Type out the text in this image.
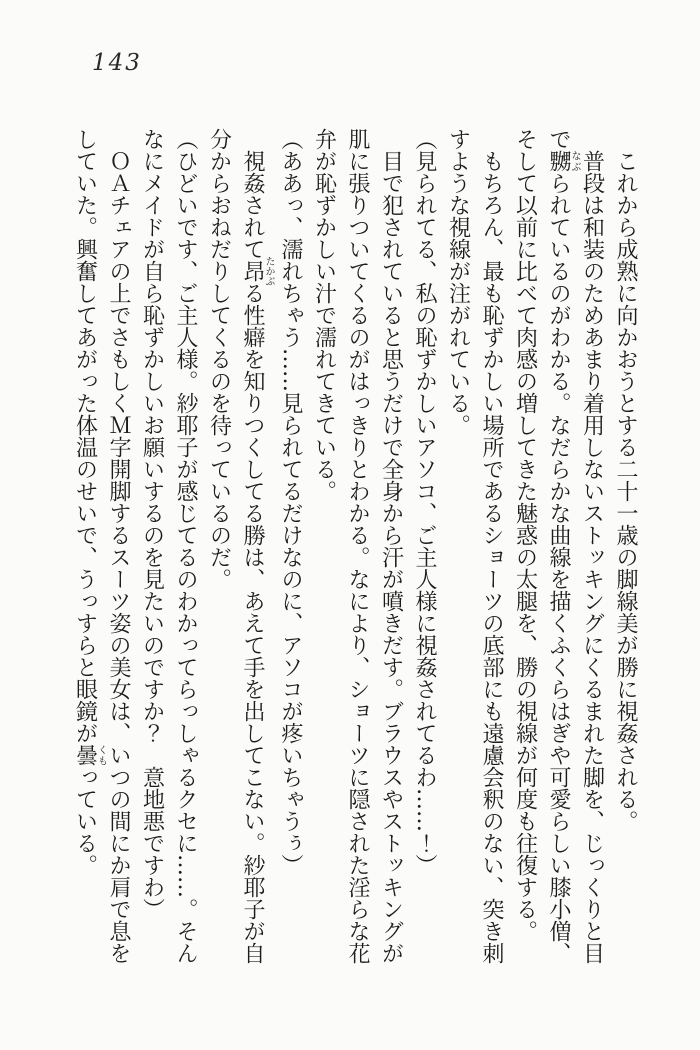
143

これから成熟に向かおうとする二十一歳の脚線美が勝に視姦される。

普段は和装のためあまり着用しないストッキングにくるまれた脚を、じっくりと目で嬲なぶられているのがわかる。なだらかな曲線を描くふくらはぎや可愛らしい膝小僧、そして以前に比べて肉感の増してきた魅惑の太腿を、勝の視線が何度も往復する。

もちろん、最も恥ずかしい場所であるショーツの底部にも遠慮会釈のない、突き刺すような視線が注がれている。

（見られてる、私の恥ずかしいアソコ、ご主人様に視姦されてるわ……！）

目で犯されていると思うだけで全身から汗が噴きだす。ブラウスやストッキングが肌に張りついてくるのがはっきりとわかる。なにより、ショーツに隠された淫らな花弁が恥ずかしい汁で濡れてきている。

（ああっ、濡れちゃう……見られてるだけなのに、アソコが疼いちゃうぅ）

視姦されて昂たかぶる性癖を知りつくしてる勝は、あえて手を出してこない。紗耶子が自分からおねだりしてくるのを待っているのだ。

（ひどいです、ご主人様。紗耶子が感じてるのわかってらっしゃるクセに……。そんなにメイドが自ら恥ずかしいお願いするのを見たいのですか？　意地悪ですわ）

ＯＡチェアの上でさもしくＭ字開脚するスーツ姿の美女は、いつの間にか肩で息をしていた。興奮してあがった体温のせいで、うっすらと眼鏡が曇くもっている。
